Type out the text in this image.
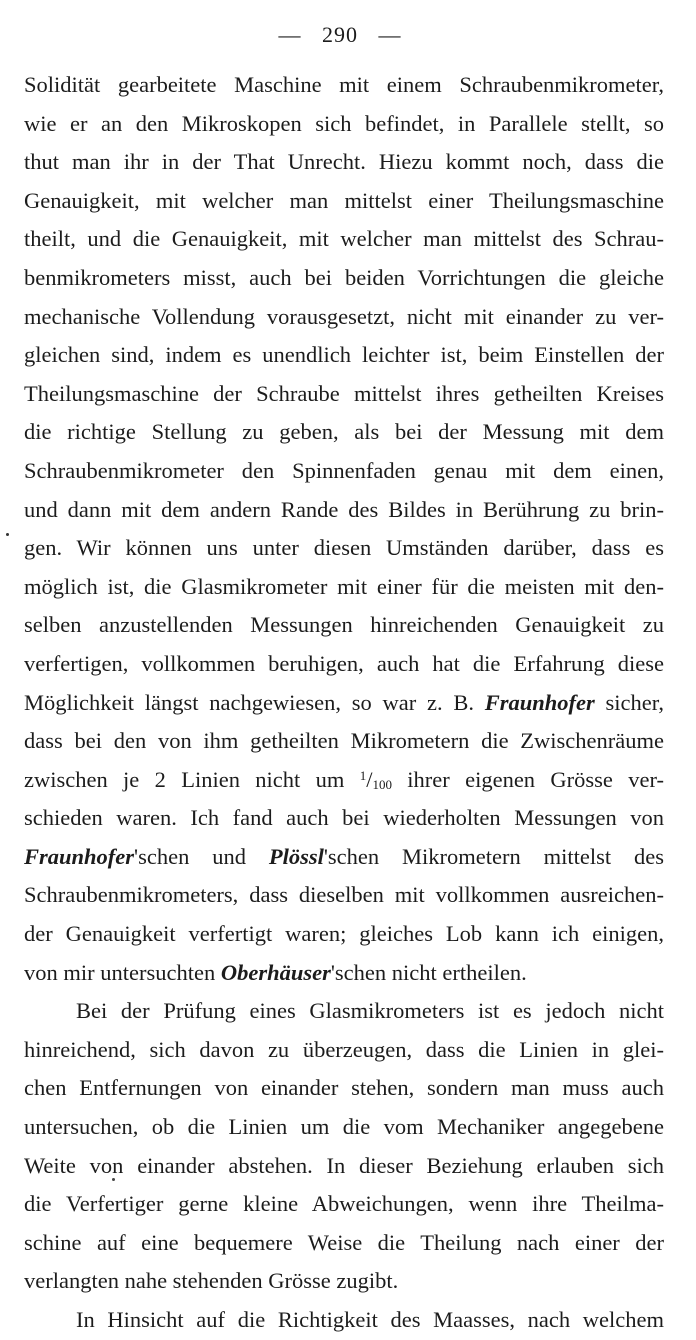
— 290 —
Solidität gearbeitete Maschine mit einem Schraubenmikrometer,
wie er an den Mikroskopen sich befindet, in Parallele stellt, so
thut man ihr in der That Unrecht. Hiezu kommt noch, dass die
Genauigkeit, mit welcher man mittelst einer Theilungsmaschine
theilt, und die Genauigkeit, mit welcher man mittelst des Schrau-
benmikrometers misst, auch bei beiden Vorrichtungen die gleiche
mechanische Vollendung vorausgesetzt, nicht mit einander zu ver-
gleichen sind, indem es unendlich leichter ist, beim Einstellen der
Theilungsmaschine der Schraube mittelst ihres getheilten Kreises
die richtige Stellung zu geben, als bei der Messung mit dem
Schraubenmikrometer den Spinnenfaden genau mit dem einen,
und dann mit dem andern Rande des Bildes in Berührung zu brin-
gen. Wir können uns unter diesen Umständen darüber, dass es
möglich ist, die Glasmikrometer mit einer für die meisten mit den-
selben anzustellenden Messungen hinreichenden Genauigkeit zu
verfertigen, vollkommen beruhigen, auch hat die Erfahrung diese
Möglichkeit längst nachgewiesen, so war z. B. Fraunhofer sicher,
dass bei den von ihm getheilten Mikrometern die Zwischenräume
zwischen je 2 Linien nicht um $^1/_{100}$ ihrer eigenen Grösse ver-
schieden waren. Ich fand auch bei wiederholten Messungen von
Fraunhofer'schen und Plössl'schen Mikrometern mittelst des
Schraubenmikrometers, dass dieselben mit vollkommen ausreichen-
der Genauigkeit verfertigt waren; gleiches Lob kann ich einigen,
von mir untersuchten Oberhäuser'schen nicht ertheilen.
Bei der Prüfung eines Glasmikrometers ist es jedoch nicht
hinreichend, sich davon zu überzeugen, dass die Linien in glei-
chen Entfernungen von einander stehen, sondern man muss auch
untersuchen, ob die Linien um die vom Mechaniker angegebene
Weite von einander abstehen. In dieser Beziehung erlauben sich
die Verfertiger gerne kleine Abweichungen, wenn ihre Theilma-
schine auf eine bequemere Weise die Theilung nach einer der
verlangten nahe stehenden Grösse zugibt.
In Hinsicht auf die Richtigkeit des Maasses, nach welchem
